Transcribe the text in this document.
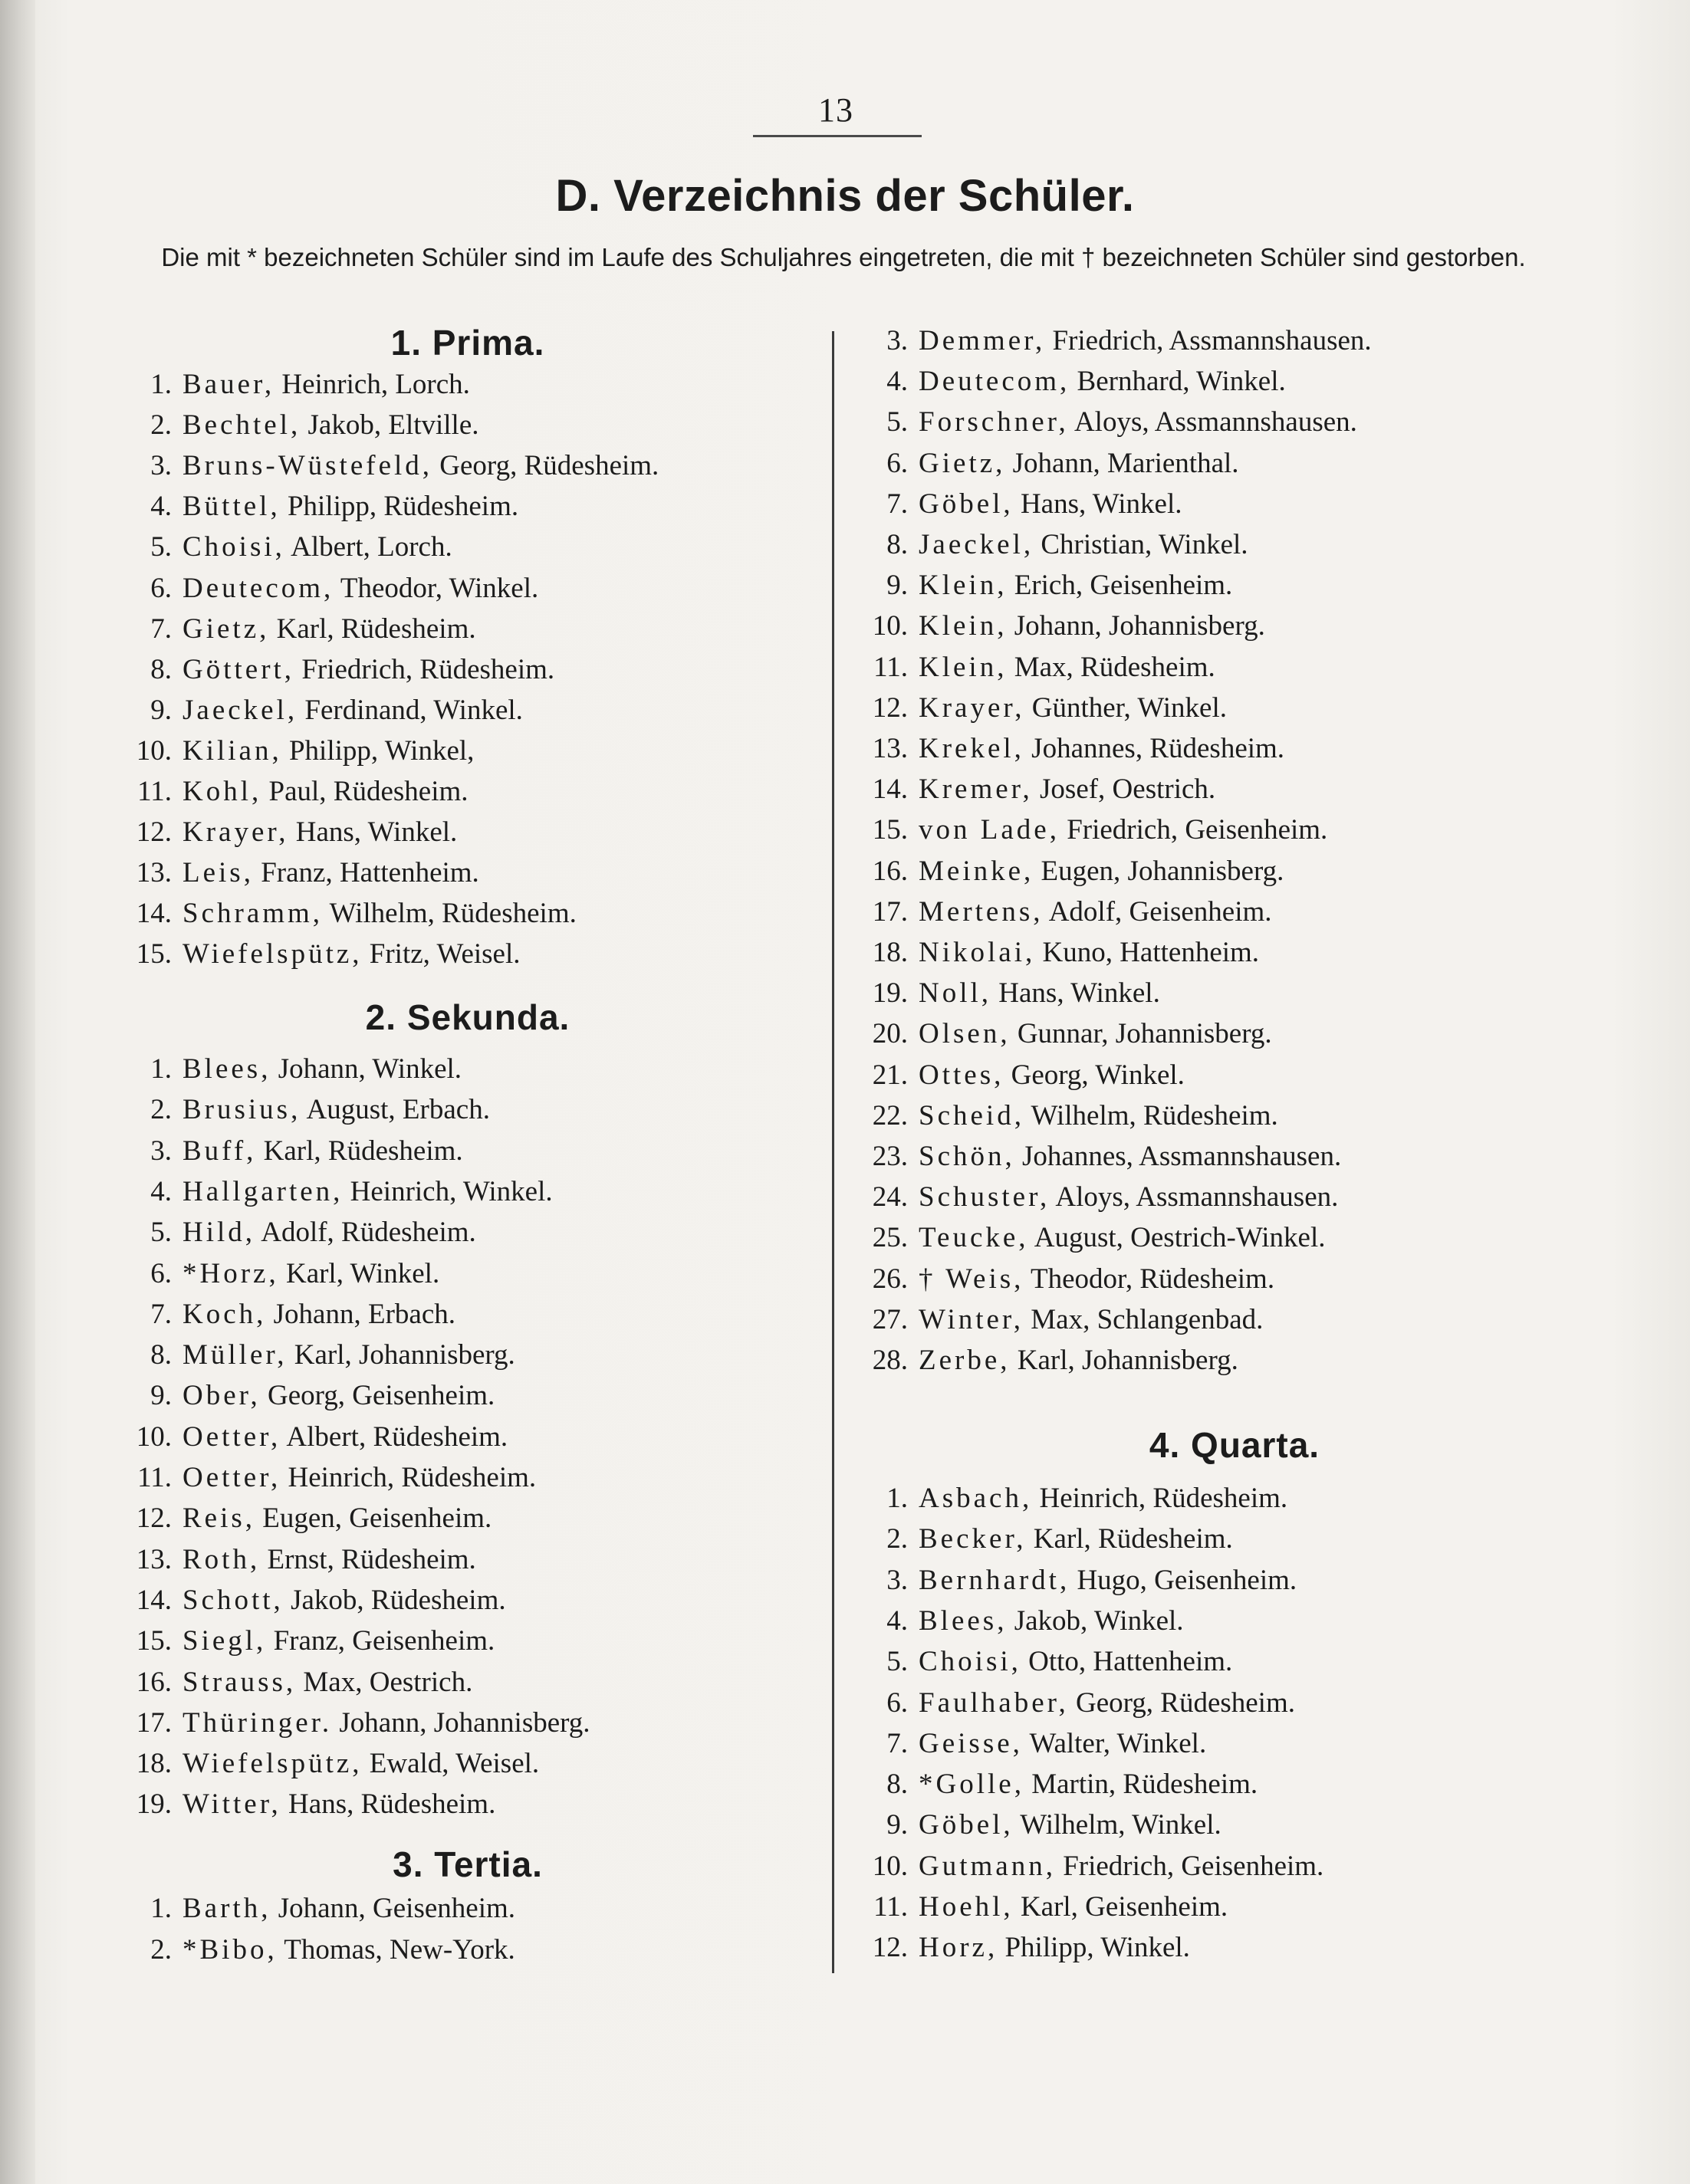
13
D. Verzeichnis der Schüler.
Die mit * bezeichneten Schüler sind im Laufe des Schuljahres eingetreten, die mit † bezeichneten Schüler sind gestorben.
1. Prima.
1. Bauer, Heinrich, Lorch.
2. Bechtel, Jakob, Eltville.
3. Bruns-Wüstefeld, Georg, Rüdesheim.
4. Büttel, Philipp, Rüdesheim.
5. Choisi, Albert, Lorch.
6. Deutecom, Theodor, Winkel.
7. Gietz, Karl, Rüdesheim.
8. Göttert, Friedrich, Rüdesheim.
9. Jaeckel, Ferdinand, Winkel.
10. Kilian, Philipp, Winkel,
11. Kohl, Paul, Rüdesheim.
12. Krayer, Hans, Winkel.
13. Leis, Franz, Hattenheim.
14. Schramm, Wilhelm, Rüdesheim.
15. Wiefelspütz, Fritz, Weisel.
2. Sekunda.
1. Blees, Johann, Winkel.
2. Brusius, August, Erbach.
3. Buff, Karl, Rüdesheim.
4. Hallgarten, Heinrich, Winkel.
5. Hild, Adolf, Rüdesheim.
6. *Horz, Karl, Winkel.
7. Koch, Johann, Erbach.
8. Müller, Karl, Johannisberg.
9. Ober, Georg, Geisenheim.
10. Oetter, Albert, Rüdesheim.
11. Oetter, Heinrich, Rüdesheim.
12. Reis, Eugen, Geisenheim.
13. Roth, Ernst, Rüdesheim.
14. Schott, Jakob, Rüdesheim.
15. Siegl, Franz, Geisenheim.
16. Strauss, Max, Oestrich.
17. Thüringer. Johann, Johannisberg.
18. Wiefelspütz, Ewald, Weisel.
19. Witter, Hans, Rüdesheim.
3. Tertia.
1. Barth, Johann, Geisenheim.
2. *Bibo, Thomas, New-York.
3. Demmer, Friedrich, Assmannshausen.
4. Deutecom, Bernhard, Winkel.
5. Forschner, Aloys, Assmannshausen.
6. Gietz, Johann, Marienthal.
7. Göbel, Hans, Winkel.
8. Jaeckel, Christian, Winkel.
9. Klein, Erich, Geisenheim.
10. Klein, Johann, Johannisberg.
11. Klein, Max, Rüdesheim.
12. Krayer, Günther, Winkel.
13. Krekel, Johannes, Rüdesheim.
14. Kremer, Josef, Oestrich.
15. von Lade, Friedrich, Geisenheim.
16. Meinke, Eugen, Johannisberg.
17. Mertens, Adolf, Geisenheim.
18. Nikolai, Kuno, Hattenheim.
19. Noll, Hans, Winkel.
20. Olsen, Gunnar, Johannisberg.
21. Ottes, Georg, Winkel.
22. Scheid, Wilhelm, Rüdesheim.
23. Schön, Johannes, Assmannshausen.
24. Schuster, Aloys, Assmannshausen.
25. Teucke, August, Oestrich-Winkel.
26. † Weis, Theodor, Rüdesheim.
27. Winter, Max, Schlangenbad.
28. Zerbe, Karl, Johannisberg.
4. Quarta.
1. Asbach, Heinrich, Rüdesheim.
2. Becker, Karl, Rüdesheim.
3. Bernhardt, Hugo, Geisenheim.
4. Blees, Jakob, Winkel.
5. Choisi, Otto, Hattenheim.
6. Faulhaber, Georg, Rüdesheim.
7. Geisse, Walter, Winkel.
8. *Golle, Martin, Rüdesheim.
9. Göbel, Wilhelm, Winkel.
10. Gutmann, Friedrich, Geisenheim.
11. Hoehl, Karl, Geisenheim.
12. Horz, Philipp, Winkel.
